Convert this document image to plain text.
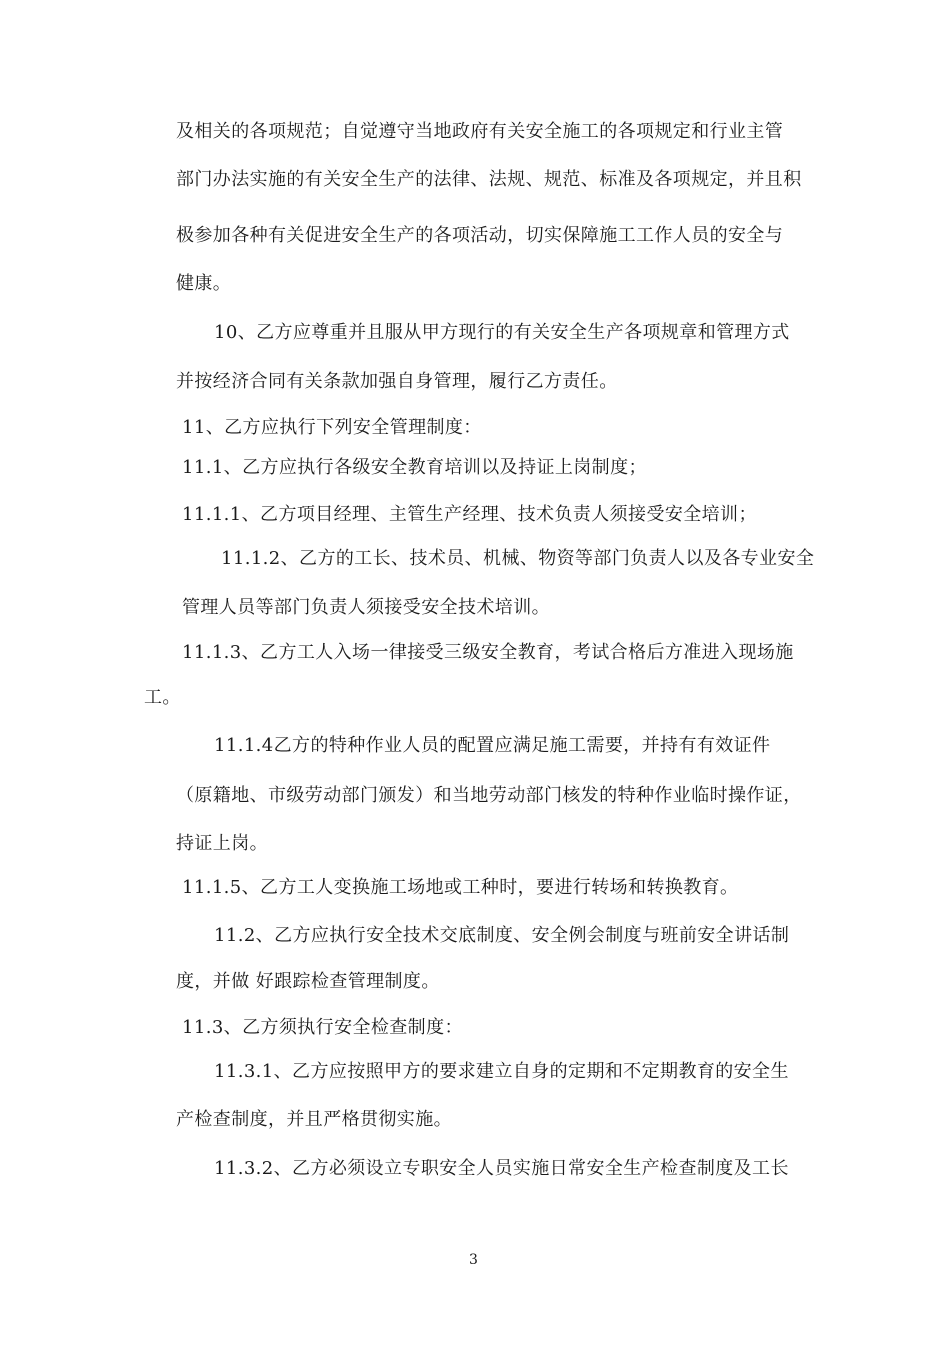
及相关的各项规范；自觉遵守当地政府有关安全施工的各项规定和行业主管
部门办法实施的有关安全生产的法律、法规、规范、标准及各项规定，并且积
极参加各种有关促进安全生产的各项活动，切实保障施工工作人员的安全与
健康。
10、乙方应尊重并且服从甲方现行的有关安全生产各项规章和管理方式
并按经济合同有关条款加强自身管理，履行乙方责任。
11、乙方应执行下列安全管理制度：
11.1、乙方应执行各级安全教育培训以及持证上岗制度；
11.1.1、乙方项目经理、主管生产经理、技术负责人须接受安全培训；
11.1.2、乙方的工长、技术员、机械、物资等部门负责人以及各专业安全
管理人员等部门负责人须接受安全技术培训。
11.1.3、乙方工人入场一律接受三级安全教育，考试合格后方准进入现场施
工。
11.1.4乙方的特种作业人员的配置应满足施工需要，并持有有效证件
（原籍地、市级劳动部门颁发）和当地劳动部门核发的特种作业临时操作证，
持证上岗。
11.1.5、乙方工人变换施工场地或工种时，要进行转场和转换教育。
11.2、乙方应执行安全技术交底制度、安全例会制度与班前安全讲话制
度，并做 好跟踪检查管理制度。
11.3、乙方须执行安全检查制度：
11.3.1、乙方应按照甲方的要求建立自身的定期和不定期教育的安全生
产检查制度，并且严格贯彻实施。
11.3.2、乙方必须设立专职安全人员实施日常安全生产检查制度及工长
3
